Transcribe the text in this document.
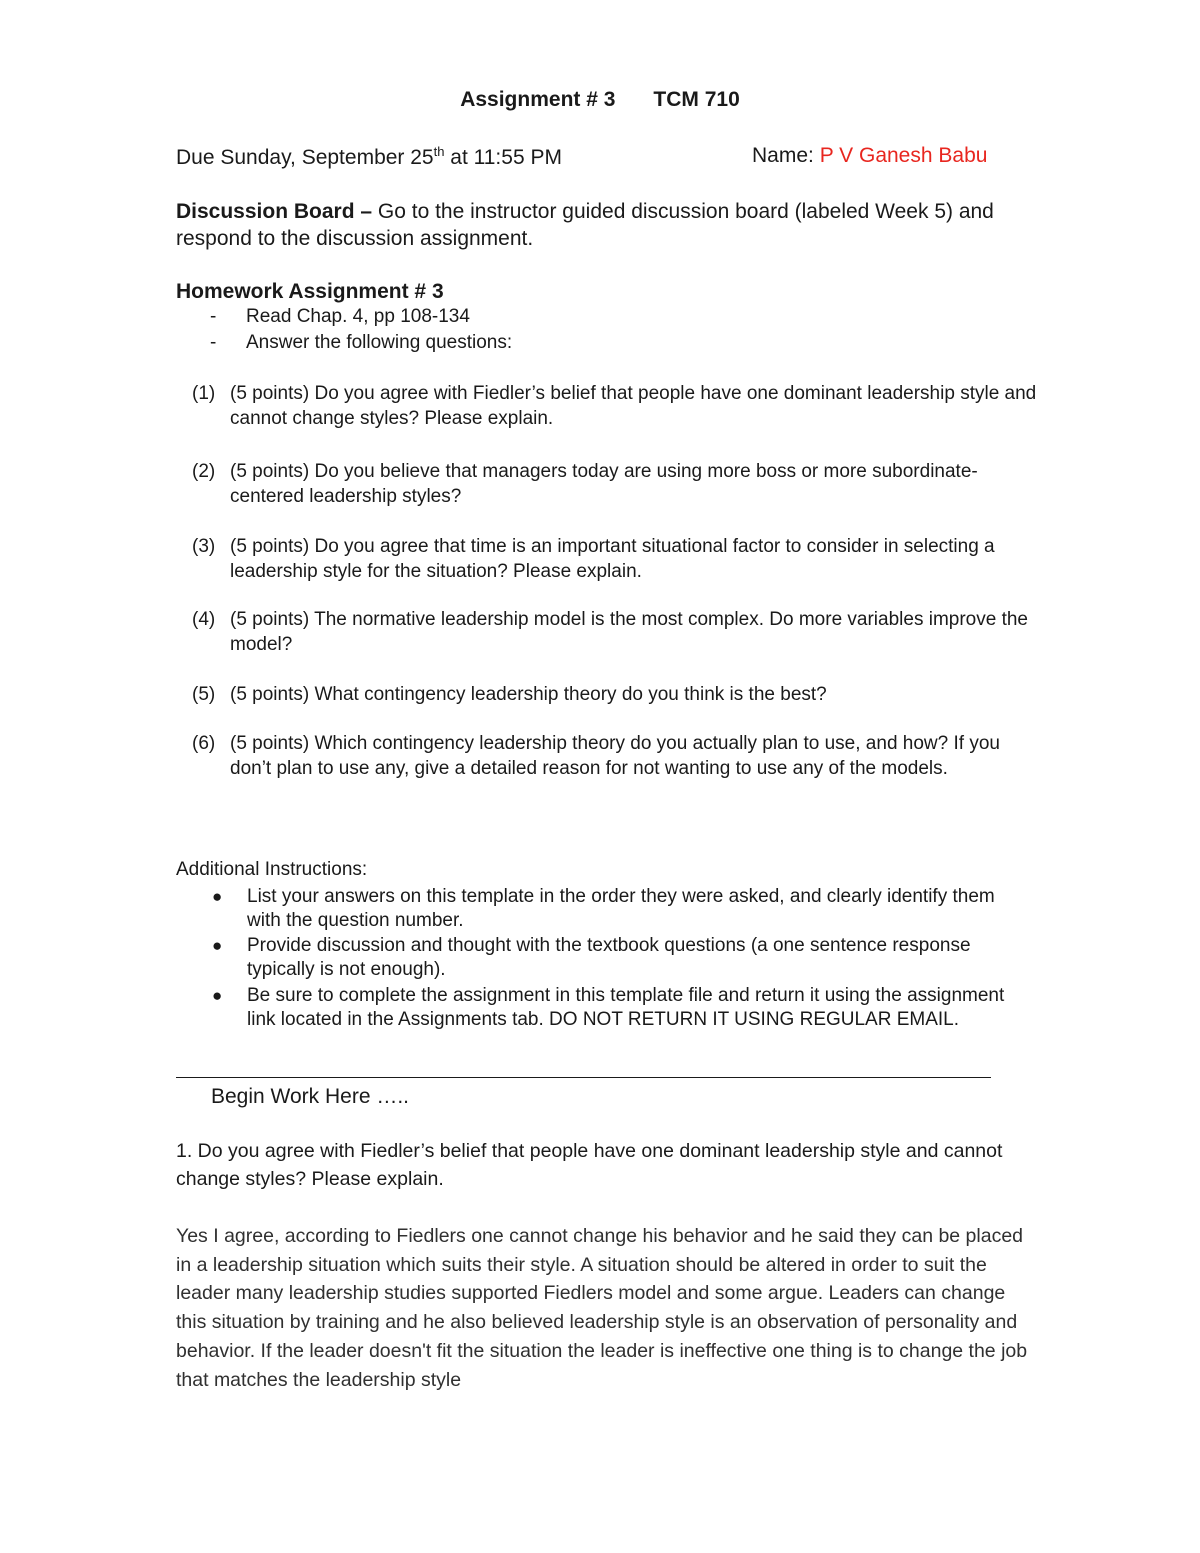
Assignment # 3 TCM 710
Due Sunday, September 25th at 11:55 PM	Name: P V Ganesh Babu
Discussion Board – Go to the instructor guided discussion board (labeled Week 5) and respond to the discussion assignment.
Homework Assignment # 3
- Read Chap. 4, pp 108-134
- Answer the following questions:
(1) (5 points) Do you agree with Fiedler’s belief that people have one dominant leadership style and cannot change styles? Please explain.
(2) (5 points) Do you believe that managers today are using more boss or more subordinate-centered leadership styles?
(3) (5 points) Do you agree that time is an important situational factor to consider in selecting a leadership style for the situation? Please explain.
(4) (5 points) The normative leadership model is the most complex. Do more variables improve the model?
(5) (5 points) What contingency leadership theory do you think is the best?
(6) (5 points) Which contingency leadership theory do you actually plan to use, and how? If you don’t plan to use any, give a detailed reason for not wanting to use any of the models.
Additional Instructions:
● List your answers on this template in the order they were asked, and clearly identify them with the question number.
● Provide discussion and thought with the textbook questions (a one sentence response typically is not enough).
● Be sure to complete the assignment in this template file and return it using the assignment link located in the Assignments tab. DO NOT RETURN IT USING REGULAR EMAIL.
Begin Work Here …..
1. Do you agree with Fiedler’s belief that people have one dominant leadership style and cannot change styles? Please explain.
Yes I agree, according to Fiedlers one cannot change his behavior and he said they can be placed in a leadership situation which suits their style. A situation should be altered in order to suit the leader many leadership studies supported Fiedlers model and some argue. Leaders can change this situation by training and he also believed leadership style is an observation of personality and behavior. If the leader doesn't fit the situation the leader is ineffective one thing is to change the job that matches the leadership style
